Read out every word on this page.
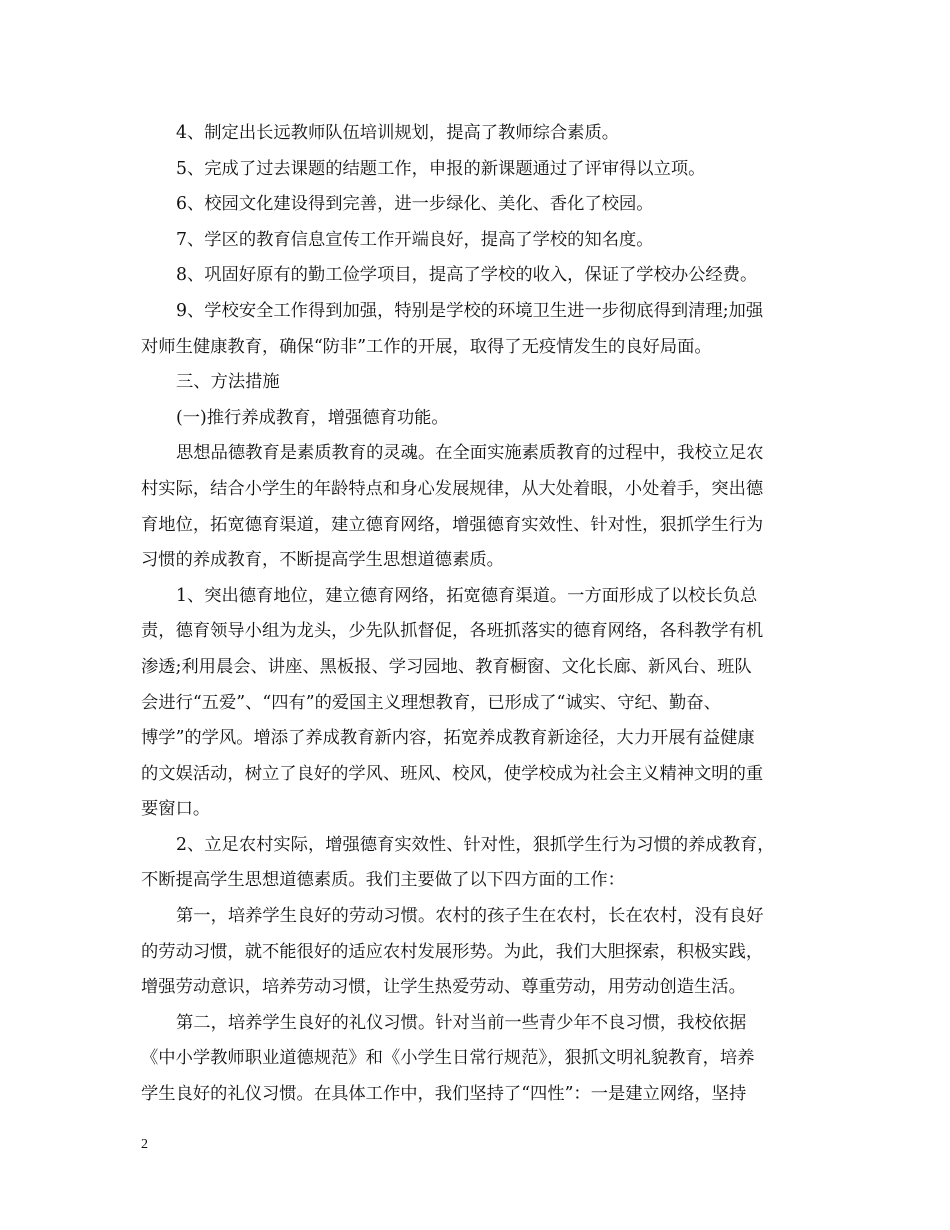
4、制定出长远教师队伍培训规划，提高了教师综合素质。
5、完成了过去课题的结题工作，申报的新课题通过了评审得以立项。
6、校园文化建设得到完善，进一步绿化、美化、香化了校园。
7、学区的教育信息宣传工作开端良好，提高了学校的知名度。
8、巩固好原有的勤工俭学项目，提高了学校的收入，保证了学校办公经费。
9、学校安全工作得到加强，特别是学校的环境卫生进一步彻底得到清理;加强
对师生健康教育，确保“防非”工作的开展，取得了无疫情发生的良好局面。
三、方法措施
(一)推行养成教育，增强德育功能。
思想品德教育是素质教育的灵魂。在全面实施素质教育的过程中，我校立足农
村实际，结合小学生的年龄特点和身心发展规律，从大处着眼，小处着手，突出德
育地位，拓宽德育渠道，建立德育网络，增强德育实效性、针对性，狠抓学生行为
习惯的养成教育，不断提高学生思想道德素质。
1、突出德育地位，建立德育网络，拓宽德育渠道。一方面形成了以校长负总
责，德育领导小组为龙头，少先队抓督促，各班抓落实的德育网络，各科教学有机
渗透;利用晨会、讲座、黑板报、学习园地、教育橱窗、文化长廊、新风台、班队
会进行“五爱”、“四有”的爱国主义理想教育，已形成了“诚实、守纪、勤奋、
博学”的学风。增添了养成教育新内容，拓宽养成教育新途径，大力开展有益健康
的文娱活动，树立了良好的学风、班风、校风，使学校成为社会主义精神文明的重
要窗口。
2、立足农村实际，增强德育实效性、针对性，狠抓学生行为习惯的养成教育，
不断提高学生思想道德素质。我们主要做了以下四方面的工作：
第一，培养学生良好的劳动习惯。农村的孩子生在农村，长在农村，没有良好
的劳动习惯，就不能很好的适应农村发展形势。为此，我们大胆探索，积极实践，
增强劳动意识，培养劳动习惯，让学生热爱劳动、尊重劳动，用劳动创造生活。
第二，培养学生良好的礼仪习惯。针对当前一些青少年不良习惯，我校依据
《中小学教师职业道德规范》和《小学生日常行规范》，狠抓文明礼貌教育，培养
学生良好的礼仪习惯。在具体工作中，我们坚持了“四性”：一是建立网络，坚持
2
